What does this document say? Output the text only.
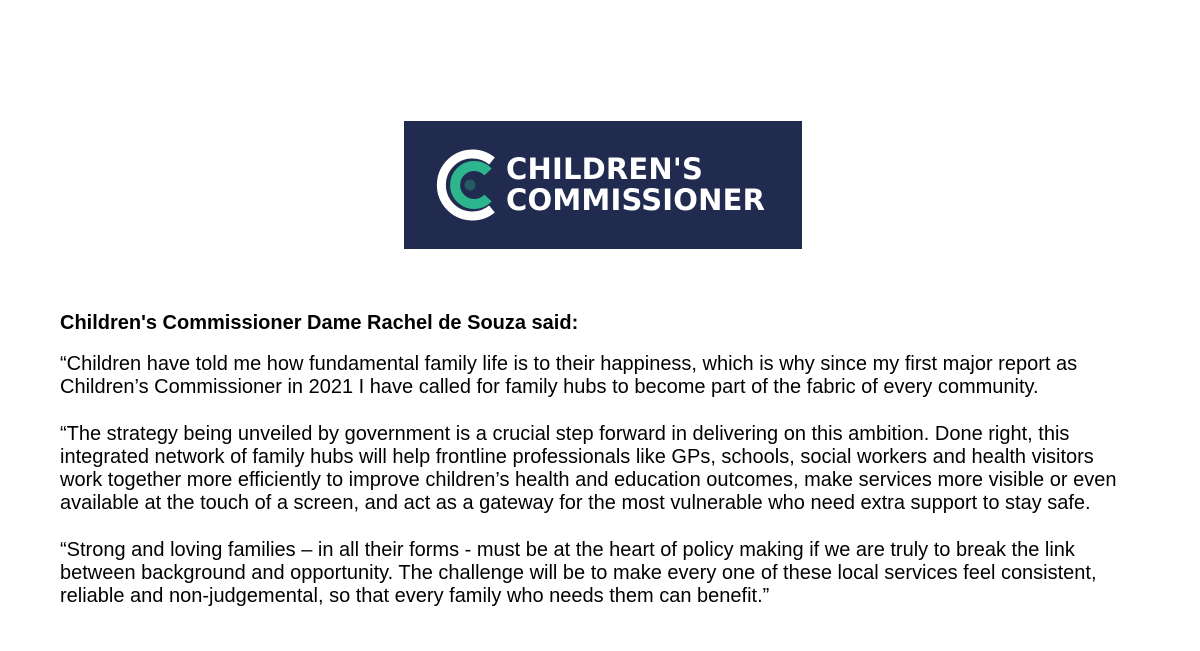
CHILDREN'S
COMMISSIONER
Children's Commissioner Dame Rachel de Souza said:

“Children have told me how fundamental family life is to their happiness, which is why since my first major report as Children’s Commissioner in 2021 I have called for family hubs to become part of the fabric of every community.

“The strategy being unveiled by government is a crucial step forward in delivering on this ambition. Done right, this integrated network of family hubs will help frontline professionals like GPs, schools, social workers and health visitors work together more efficiently to improve children’s health and education outcomes, make services more visible or even available at the touch of a screen, and act as a gateway for the most vulnerable who need extra support to stay safe.

“Strong and loving families – in all their forms - must be at the heart of policy making if we are truly to break the link between background and opportunity. The challenge will be to make every one of these local services feel consistent, reliable and non-judgemental, so that every family who needs them can benefit.”
